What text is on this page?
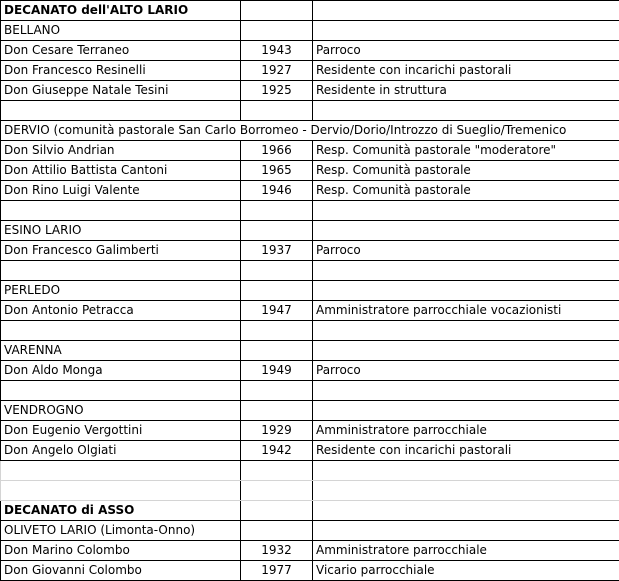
DECANATO dell'ALTO LARIO		
BELLANO		
Don Cesare Terraneo	1943	Parroco
Don Francesco Resinelli	1927	Residente con incarichi pastorali
Don Giuseppe Natale Tesini	1925	Residente in struttura

DERVIO (comunità pastorale San Carlo Borromeo - Dervio/Dorio/Introzzo di Sueglio/Tremenico		
Don Silvio Andrian	1966	Resp. Comunità pastorale "moderatore"
Don Attilio Battista Cantoni	1965	Resp. Comunità pastorale
Don Rino Luigi Valente	1946	Resp. Comunità pastorale

ESINO LARIO		
Don Francesco Galimberti	1937	Parroco

PERLEDO		
Don Antonio Petracca	1947	Amministratore parrocchiale vocazionisti

VARENNA		
Don Aldo Monga	1949	Parroco

VENDROGNO		
Don Eugenio Vergottini	1929	Amministratore parrocchiale
Don Angelo Olgiati	1942	Residente con incarichi pastorali

DECANATO di ASSO		
OLIVETO LARIO (Limonta-Onno)		
Don Marino Colombo	1932	Amministratore parrocchiale
Don Giovanni Colombo	1977	Vicario parrocchiale
